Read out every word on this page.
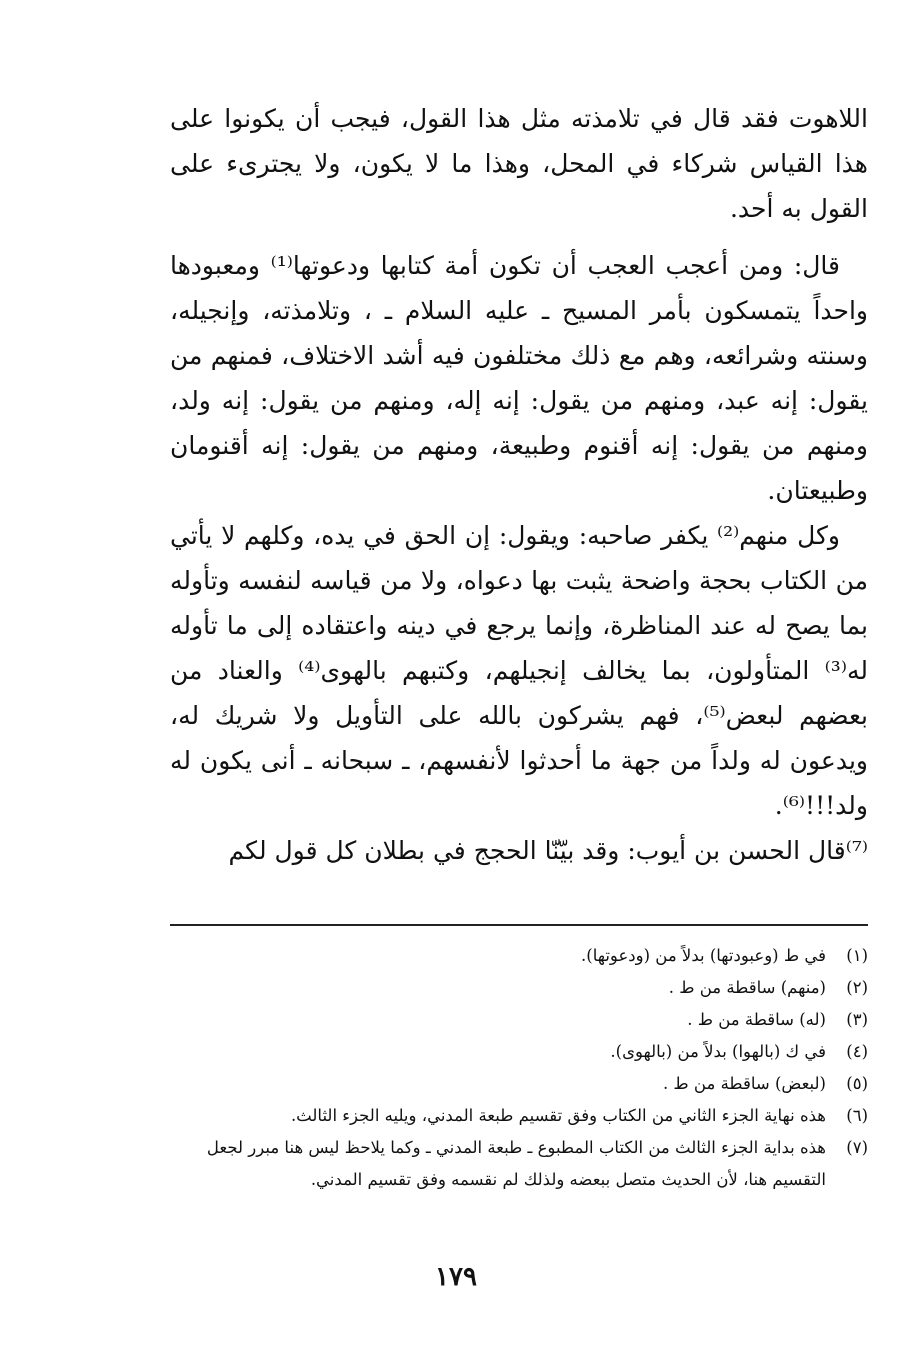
اللاهوت فقد قال في تلامذته مثل هذا القول، فيجب أن يكونوا على هذا القياس شركاء في المحل، وهذا ما لا يكون، ولا يجترىء على القول به أحد.

قال: ومن أعجب العجب أن تكون أمة كتابها ودعوتها⁽¹⁾ ومعبودها واحداً يتمسكون بأمر المسيح ـ عليه السلام ـ ، وتلامذته، وإنجيله، وسنته وشرائعه، وهم مع ذلك مختلفون فيه أشد الاختلاف، فمنهم من يقول: إنه عبد، ومنهم من يقول: إنه إله، ومنهم من يقول: إنه ولد، ومنهم من يقول: إنه أقنوم وطبيعة، ومنهم من يقول: إنه أقنومان وطبيعتان.

وكل منهم⁽²⁾ يكفر صاحبه: ويقول: إن الحق في يده، وكلهم لا يأتي من الكتاب بحجة واضحة يثبت بها دعواه، ولا من قياسه لنفسه وتأوله بما يصح له عند المناظرة، وإنما يرجع في دينه واعتقاده إلى ما تأوله له⁽³⁾ المتأولون، بما يخالف إنجيلهم، وكتبهم بالهوى⁽⁴⁾ والعناد من بعضهم لبعض⁽⁵⁾، فهم يشركون بالله على التأويل ولا شريك له، ويدعون له ولداً من جهة ما أحدثوا لأنفسهم، ـ سبحانه ـ أنى يكون له ولد!!!⁽⁶⁾.

⁽⁷⁾قال الحسن بن أيوب: وقد بيّنّا الحجج في بطلان كل قول لكم

(١)
في ط (وعبودتها) بدلاً من (ودعوتها).
(٢)
(منهم) ساقطة من ط .
(٣)
(له) ساقطة من ط .
(٤)
في ك (بالهوا) بدلاً من (بالهوى).
(٥)
(لبعض) ساقطة من ط .
(٦)
هذه نهاية الجزء الثاني من الكتاب وفق تقسيم طبعة المدني، ويليه الجزء الثالث.
(٧)
هذه بداية الجزء الثالث من الكتاب المطبوع ـ طبعة المدني ـ وكما يلاحظ ليس هنا مبرر لجعل التقسيم هنا، لأن الحديث متصل ببعضه ولذلك لم نقسمه وفق تقسيم المدني.
١٧٩
